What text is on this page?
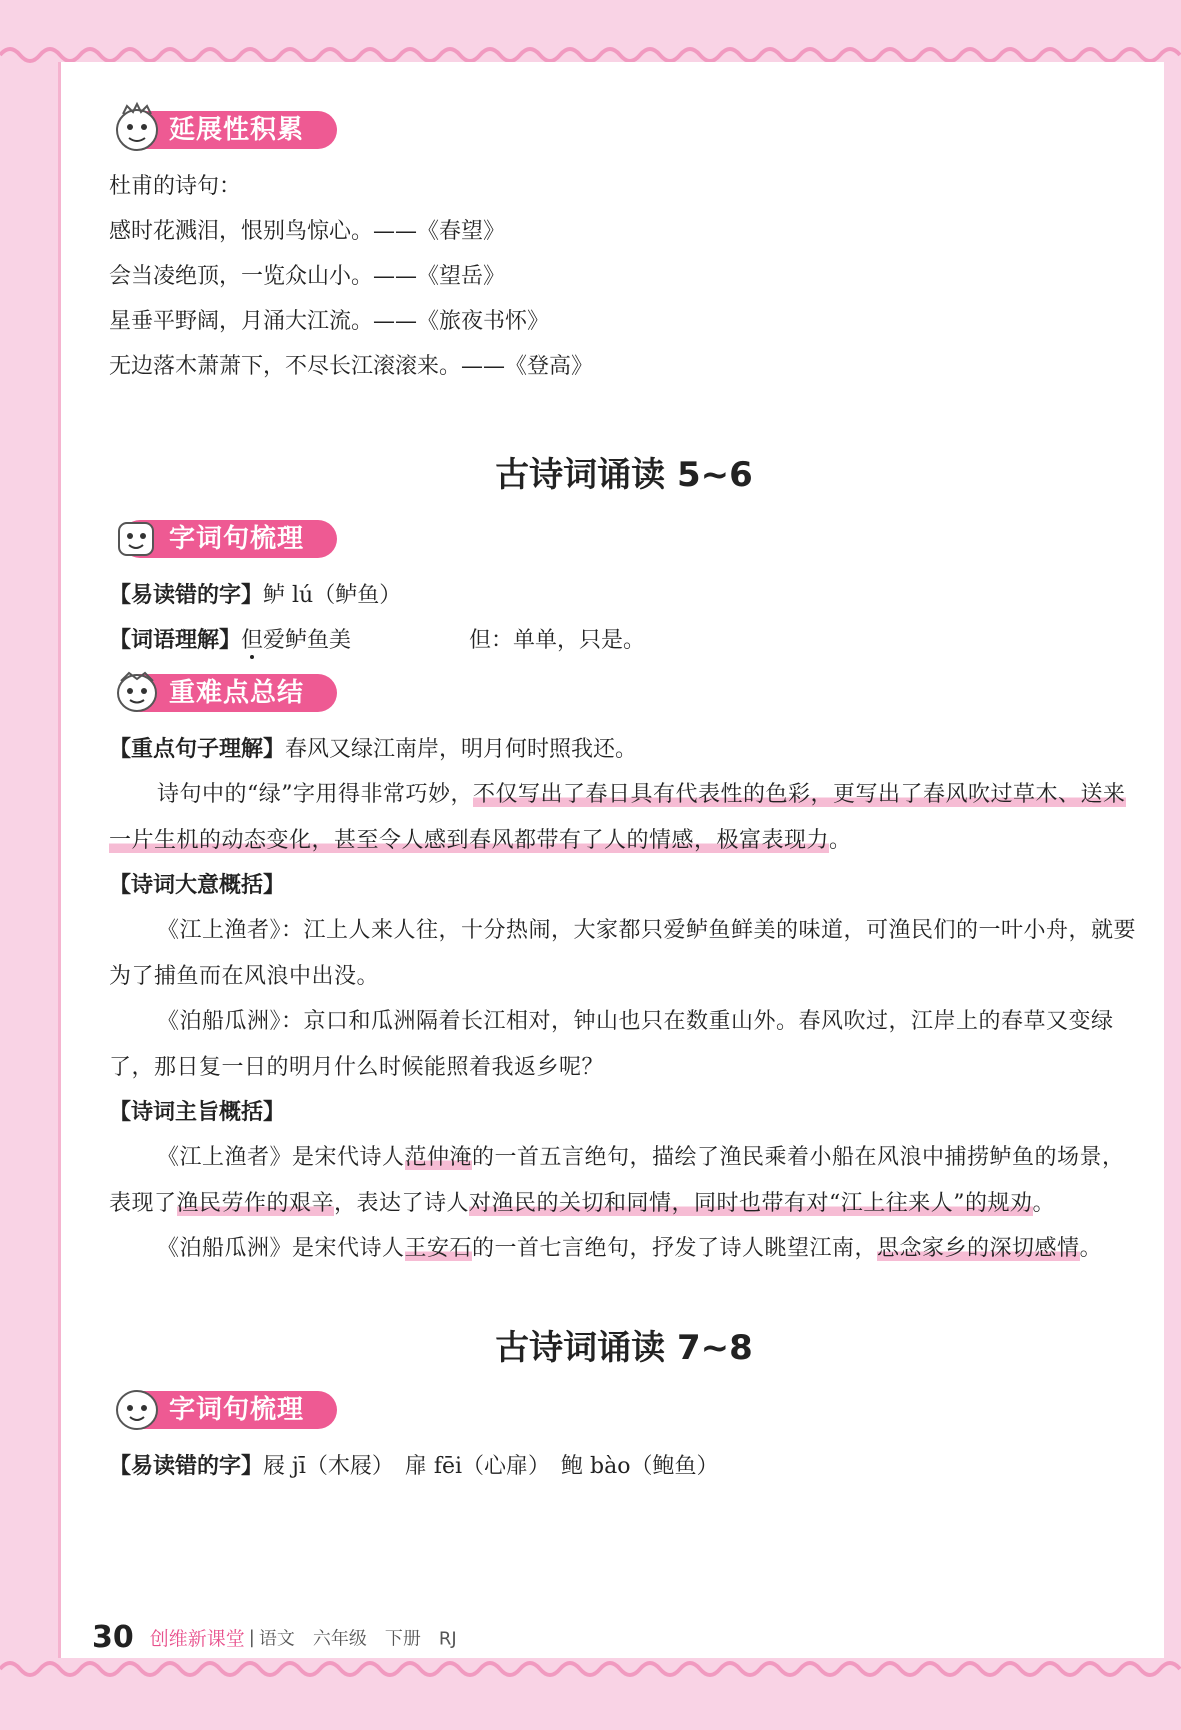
延展性积累
杜甫的诗句：
感时花溅泪，恨别鸟惊心。——《春望》
会当凌绝顶，一览众山小。——《望岳》
星垂平野阔，月涌大江流。——《旅夜书怀》
无边落木萧萧下，不尽长江滚滚来。——《登高》
古诗词诵读 5~6
字词句梳理
【易读错的字】鲈 lú（鲈鱼）
【词语理解】但爱鲈鱼美	但：单单，只是。
重难点总结
【重点句子理解】春风又绿江南岸，明月何时照我还。
诗句中的“绿”字用得非常巧妙，不仅写出了春日具有代表性的色彩，更写出了春风吹过草木、送来一片生机的动态变化，甚至令人感到春风都带有了人的情感，极富表现力。
【诗词大意概括】
《江上渔者》：江上人来人往，十分热闹，大家都只爱鲈鱼鲜美的味道，可渔民们的一叶小舟，就要为了捕鱼而在风浪中出没。
《泊船瓜洲》：京口和瓜洲隔着长江相对，钟山也只在数重山外。春风吹过，江岸上的春草又变绿了，那日复一日的明月什么时候能照着我返乡呢？
【诗词主旨概括】
《江上渔者》是宋代诗人范仲淹的一首五言绝句，描绘了渔民乘着小船在风浪中捕捞鲈鱼的场景，表现了渔民劳作的艰辛，表达了诗人对渔民的关切和同情，同时也带有对“江上往来人”的规劝。
《泊船瓜洲》是宋代诗人王安石的一首七言绝句，抒发了诗人眺望江南，思念家乡的深切感情。
古诗词诵读 7~8
字词句梳理
【易读错的字】屐 jī（木屐）　扉 fēi（心扉）　鲍 bào（鲍鱼）
30 创维新课堂 | 语文　六年级　下册　RJ
